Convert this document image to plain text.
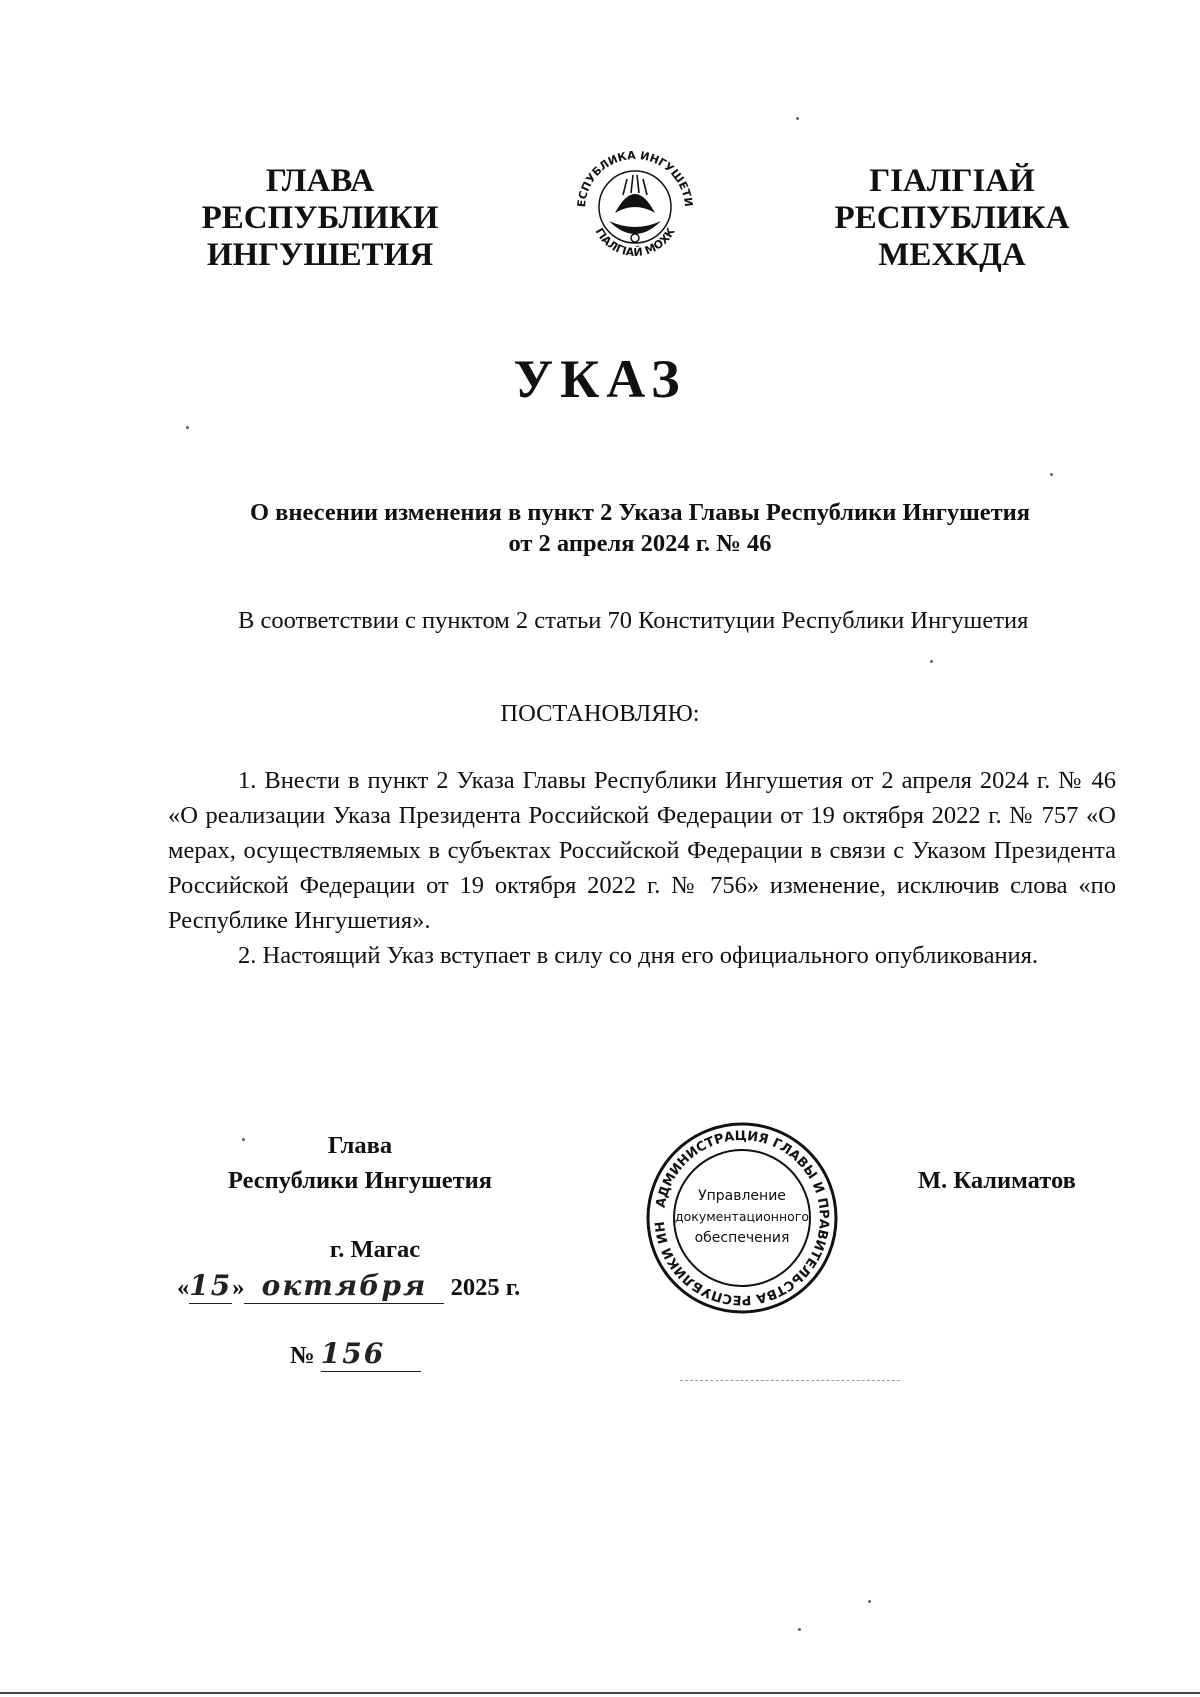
ГЛАВА
РЕСПУБЛИКИ
ИНГУШЕТИЯ
ЕСПУБЛИКА ИНГУШЕТИ
ГІАЛГІАЙ МОХК
ГІАЛГІАЙ
РЕСПУБЛИКА
МЕХКДА
УКАЗ
О внесении изменения в пункт 2 Указа Главы Республики Ингушетия
от 2 апреля 2024 г. № 46

В соответствии с пунктом 2 статьи 70 Конституции Республики Ингушетия

ПОСТАНОВЛЯЮ:

1. Внести в пункт 2 Указа Главы Республики Ингушетия от 2 апреля 2024 г. № 46 «О реализации Указа Президента Российской Федерации от 19 октября 2022 г. № 757 «О мерах, осуществляемых в субъектах Российской Федерации в связи с Указом Президента Российской Федерации от 19 октября 2022 г. № 756» изменение, исключив слова «по Республике Ингушетия».

2. Настоящий Указ вступает в силу со дня его официального опубликования.

Глава
Республики Ингушетия
г. Магас
«15» октября 2025 г.
№ 156
АДМИНИСТРАЦИЯ ГЛАВЫ И ПРАВИТЕЛЬСТВА РЕСПУБЛИКИ ИН
Управление
документационного
обеспечения
М. Калиматов
